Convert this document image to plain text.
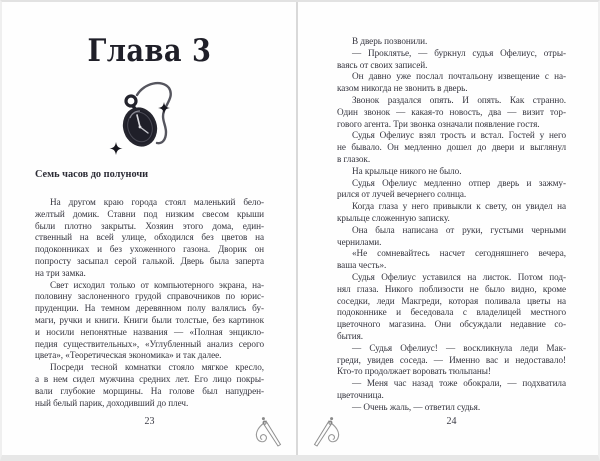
Глава 3
Семь часов до полуночи
На другом краю города стоял маленький бело-
желтый домик. Ставни под низким свесом крыши
были плотно закрыты. Хозяин этого дома, един-
ственный на всей улице, обходился без цветов на
подоконниках и без ухоженного газона. Дворик он
попросту засыпал серой галькой. Дверь была заперта
на три замка.
Свет исходил только от компьютерного экрана, на-
половину заслоненного грудой справочников по юрис-
пруденции. На темном деревянном полу валялись бу-
маги, ручки и книги. Книги были толстые, без картинок
и носили непонятные названия — «Полная энцикло-
педия существительных», «Углубленный анализ серого
цвета», «Теоретическая экономика» и так далее.
Посреди тесной комнатки стояло мягкое кресло,
а в нем сидел мужчина средних лет. Его лицо покры-
вали глубокие морщины. На голове был напудрен-
ный белый парик, доходивший до плеч.
23
В дверь позвонили.
— Проклятье, — буркнул судья Офелиус, отры-
ваясь от своих записей.
Он давно уже послал почтальону извещение с на-
казом никогда не звонить в дверь.
Звонок раздался опять. И опять. Как странно.
Один звонок — какая-то новость, два — визит тор-
гового агента. Три звонка означали появление гостя.
Судья Офелиус взял трость и встал. Гостей у него
не бывало. Он медленно дошел до двери и выглянул
в глазок.
На крыльце никого не было.
Судья Офелиус медленно отпер дверь и зажму-
рился от лучей вечернего солнца.
Когда глаза у него привыкли к свету, он увидел на
крыльце сложенную записку.
Она была написана от руки, густыми черными
чернилами.
«Не сомневайтесь насчет сегодняшнего вечера,
ваша честь».
Судья Офелиус уставился на листок. Потом под-
нял глаза. Никого поблизости не было видно, кроме
соседки, леди Макгреди, которая поливала цветы на
подоконнике и беседовала с владелицей местного
цветочного магазина. Они обсуждали недавние со-
бытия.
— Судья Офелиус! — воскликнула леди Мак-
греди, увидев соседа. — Именно вас и недоставало!
Кто-то продолжает воровать тюльпаны!
— Меня час назад тоже обокрали, — подхватила
цветочница.
— Очень жаль, — ответил судья.
24
